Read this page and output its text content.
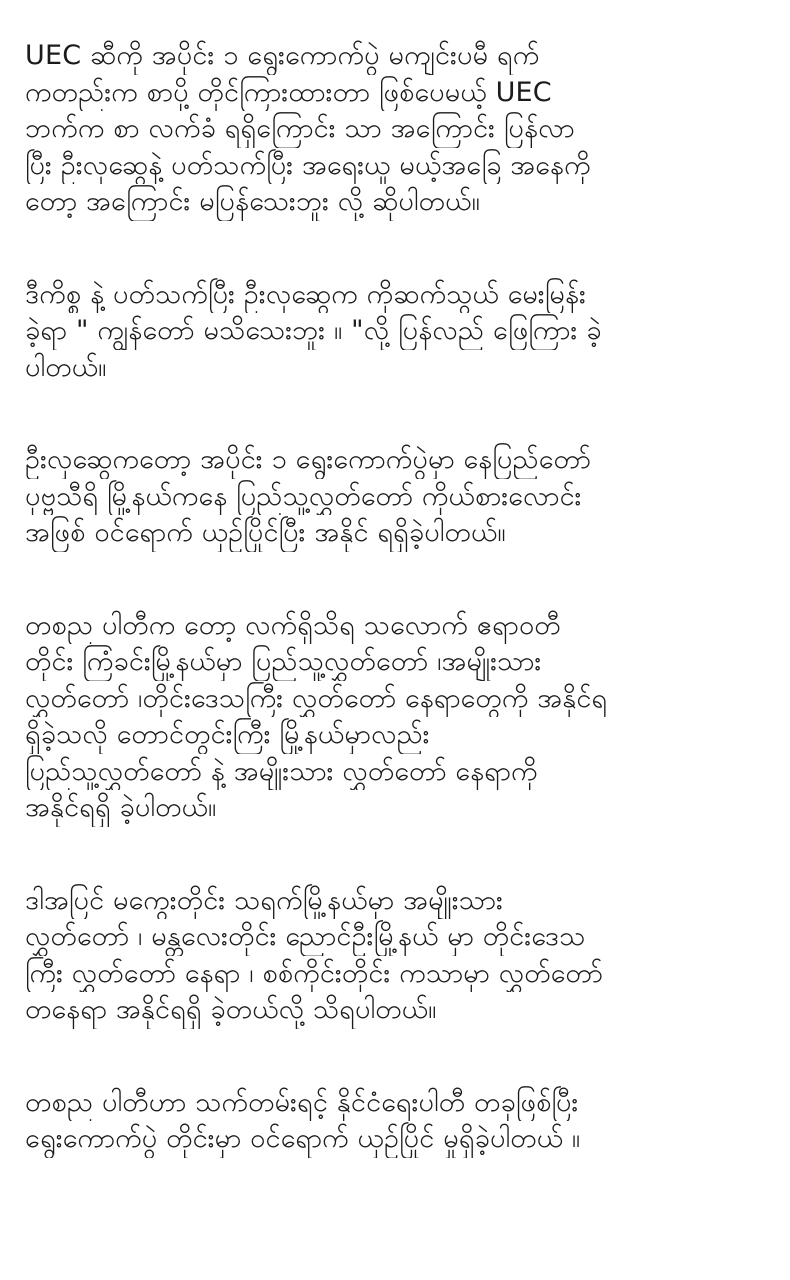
UEC ဆီကို အပိုင်း ၁ ရွေးကောက်ပွဲ မကျင်းပမီ ရက်
ကတည်းက စာပို့ တိုင်ကြားထားတာ ဖြစ်ပေမယ့် UEC
ဘက်က စာ လက်ခံ ရရှိကြောင်း သာ အကြောင်း ပြန်လာ
ပြီး ဦးလှဆွေနဲ့ ပတ်သက်ပြီး အရေးယူ မယ့်အခြေ အနေကို
တော့ အကြောင်း မပြန်သေးဘူး လို့ ဆိုပါတယ်။
ဒီကိစ္စ နဲ့ ပတ်သက်ပြီး ဦးလှဆွေက ကိုဆက်သွယ် မေးမြန်း
ခဲ့ရာ " ကျွန်တော် မသိသေးဘူး ။ "လို့ ပြန်လည် ဖြေကြား ခဲ့
ပါတယ်။
ဦးလှဆွေကတော့ အပိုင်း ၁ ရွေးကောက်ပွဲမှာ နေပြည်တော်
ပုဗ္ဗသီရိ မြို့နယ်ကနေ ပြည်သူ့လွှတ်တော် ကိုယ်စားလောင်း
အဖြစ် ဝင်ရောက် ယှဉ်ပြိုင်ပြီး အနိုင် ရရှိခဲ့ပါတယ်။
တစည ပါတီက တော့ လက်ရှိသိရ သလောက် ဧရာဝတီ
တိုင်း ကြံခင်းမြို့နယ်မှာ ပြည်သူ့လွှတ်တော် ၊အမျိုးသား
လွှတ်တော် ၊တိုင်းဒေသကြီး လွှတ်တော် နေရာတွေကို အနိုင်ရ
ရှိခဲ့သလို တောင်တွင်းကြီး မြို့နယ်မှာလည်း
ပြည်သူ့လွှတ်တော် နဲ့ အမျိုးသား လွှတ်တော် နေရာကို
အနိုင်ရရှိ ခဲ့ပါတယ်။
ဒါအပြင် မကွေးတိုင်း သရက်မြို့နယ်မှာ အမျိုးသား
လွှတ်တော် ၊ မန္တလေးတိုင်း ညောင်ဦးမြို့နယ် မှာ တိုင်းဒေသ
ကြီး လွှတ်တော် နေရာ ၊ စစ်ကိုင်းတိုင်း ကသာမှာ လွှတ်တော်
တနေရာ အနိုင်ရရှိ ခဲ့တယ်လို့ သိရပါတယ်။
တစည ပါတီဟာ သက်တမ်းရင့် နိုင်ငံရေးပါတီ တခုဖြစ်ပြီး
ရွေးကောက်ပွဲ တိုင်းမှာ ဝင်ရောက် ယှဉ်ပြိုင် မှုရှိခဲ့ပါတယ် ။
